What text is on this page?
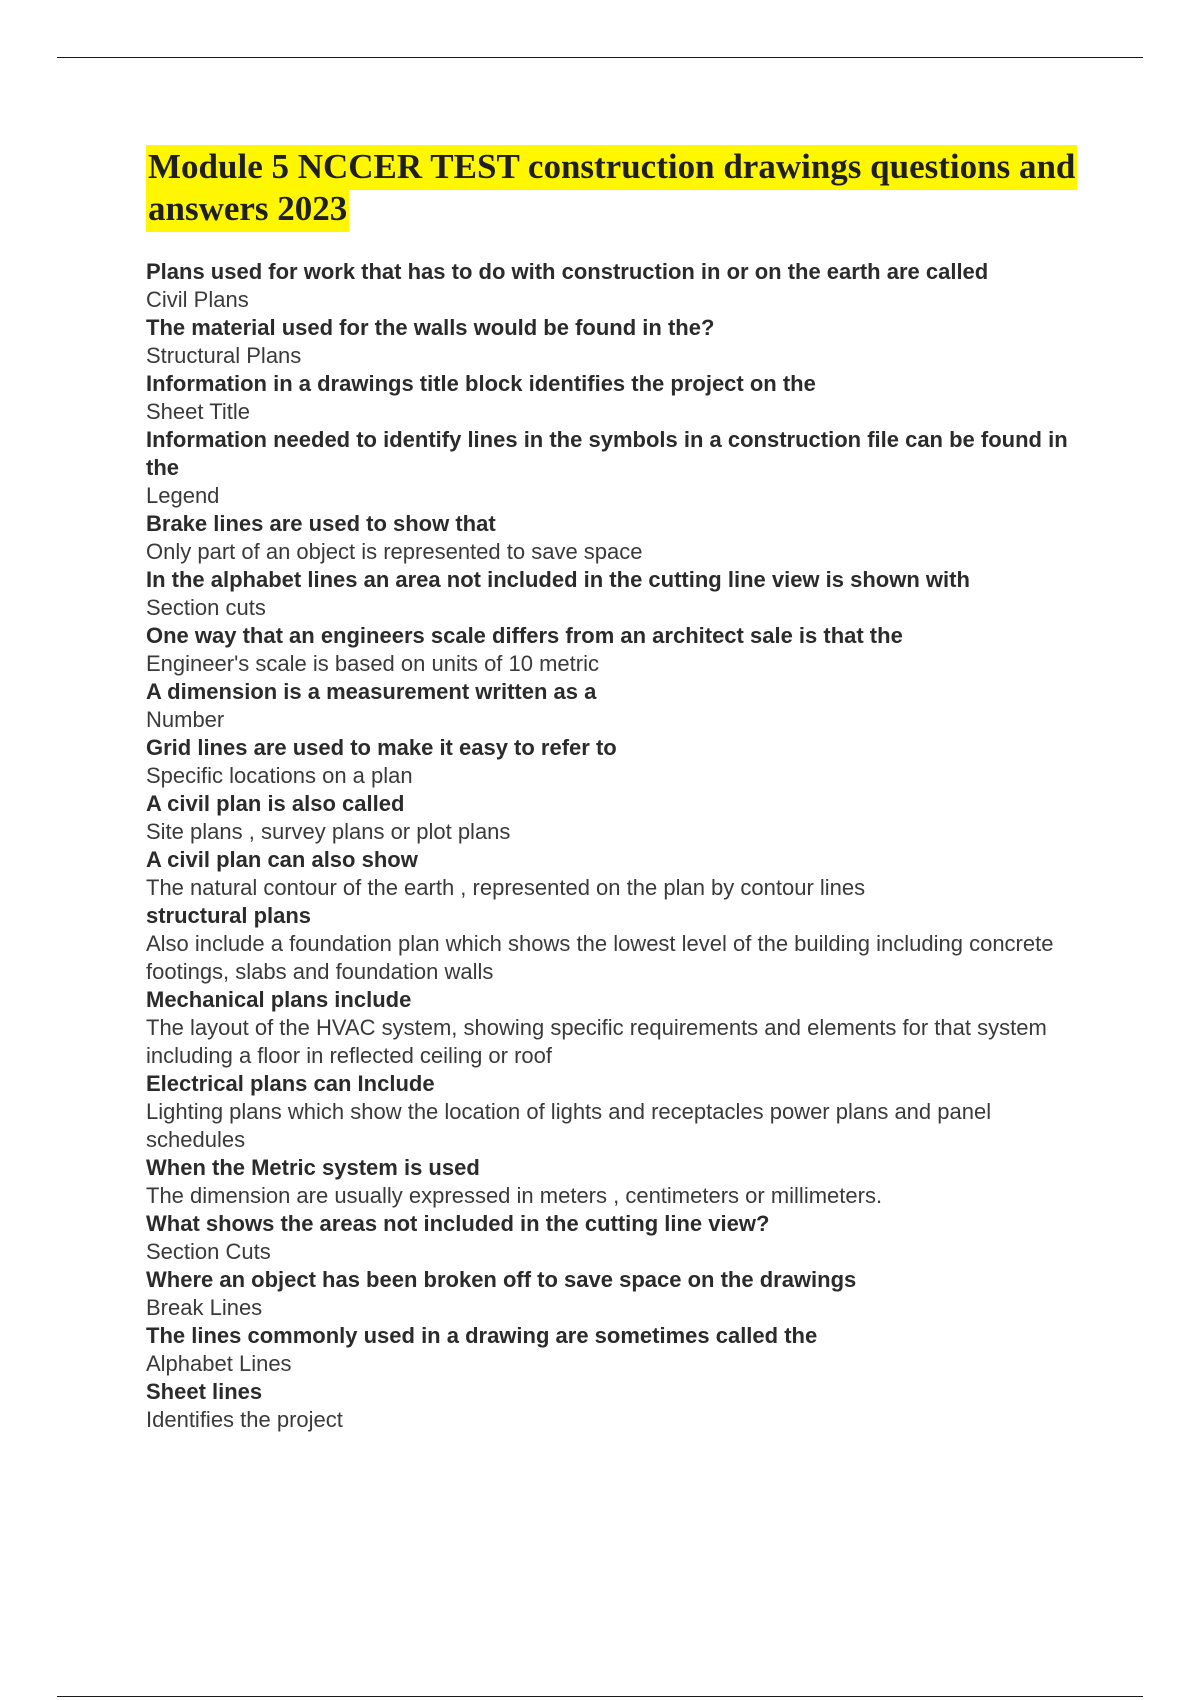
Module 5 NCCER TEST construction drawings questions and answers 2023
Plans used for work that has to do with construction in or on the earth are called
Civil Plans
The material used for the walls would be found in the?
Structural Plans
Information in a drawings title block identifies the project on the
Sheet Title
Information needed to identify lines in the symbols in a construction file can be found in the
Legend
Brake lines are used to show that
Only part of an object is represented to save space
In the alphabet lines an area not included in the cutting line view is shown with
Section cuts
One way that an engineers scale differs from an architect sale is that the
Engineer's scale is based on units of 10 metric
A dimension is a measurement written as a
Number
Grid lines are used to make it easy to refer to
Specific locations on a plan
A civil plan is also called
Site plans , survey plans or plot plans
A civil plan can also show
The natural contour of the earth , represented on the plan by contour lines
structural plans
Also include a foundation plan which shows the lowest level of the building including concrete footings, slabs and foundation walls
Mechanical plans include
The layout of the HVAC system, showing specific requirements and elements for that system including a floor in reflected ceiling or roof
Electrical plans can Include
Lighting plans which show the location of lights and receptacles power plans and panel schedules
When the Metric system is used
The dimension are usually expressed in meters , centimeters or millimeters.
What shows the areas not included in the cutting line view?
Section Cuts
Where an object has been broken off to save space on the drawings
Break Lines
The lines commonly used in a drawing are sometimes called the
Alphabet Lines
Sheet lines
Identifies the project
